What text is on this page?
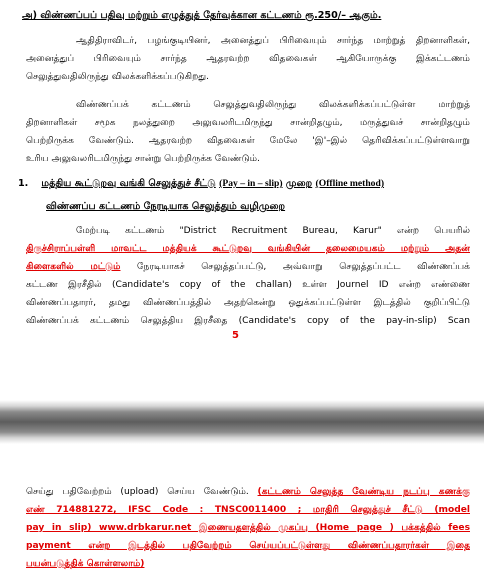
அ) விண்ணப்பப் பதிவு மற்றும் எழுத்துத் தேர்வுக்கான கட்டணம் ரூ.250/– ஆகும்.
ஆதிதிராவிடர், பழங்குடியினர், அனைத்துப் பிரிவையும் சார்ந்த மாற்றுத் திறனாளிகள்,
அனைத்துப் பிரிவையும் சார்ந்த ஆதரவற்ற விதவைகள் ஆகியோருக்கு இக்கட்டணம்
செலுத்துவதிலிருந்து விலக்களிக்கப்படுகிறது.
விண்ணப்பக் கட்டணம் செலுத்துவதிலிருந்து விலக்களிக்கப்பட்டுள்ள மாற்றுத்
திறனாளிகள் சமூக நலத்துறை அலுவலரிடமிருந்து சான்றிதழும், மருத்துவச் சான்றிதழும்
பெற்றிருக்க வேண்டும். ஆதரவற்ற விதவைகள் மேலே 'இ'–இல் தெரிவிக்கப்பட்டுள்ளவாறு
உரிய அலுவலரிடமிருந்து சான்று பெற்றிருக்க வேண்டும்.
1. மத்திய கூட்டுறவு வங்கி செலுத்துச் சீட்டு (Pay – in – slip) முறை (Offline method)
விண்ணப்ப கட்டணம் நேரடியாக செலுத்தும் வழிமுறை
மேற்படி கட்டணம் "District Recruitment Bureau, Karur" என்ற பெயரில்
திருச்சிராப்பள்ளி மாவட்ட மத்தியக் கூட்டுறவு வங்கியின் தலைமையகம் மற்றும் அதன்
கிளைகளில் மட்டும் நேரடியாகச் செலுத்தப்பட்டு, அவ்வாறு செலுத்தப்பட்ட விண்ணப்பக்
கட்டண இரசீதில் (Candidate's copy of the challan) உள்ள Journel ID என்ற எண்ணை
விண்ணப்பதாரர், தமது விண்ணப்பத்தில் அதற்கென்று ஒதுக்கப்பட்டுள்ள இடத்தில் குறிப்பிட்டு
விண்ணப்பக் கட்டணம் செலுத்திய இரசீதை (Candidate's copy of the pay-in-slip) Scan
5
செய்து பதிவேற்றம் (upload) செய்ய வேண்டும். (கட்டணம் செலுத்த வேண்டிய நடப்பு கணக்கு
எண் 714881272, IFSC Code : TNSC0011400 ; மாதிரி செலுத்துச் சீட்டு (model
pay in slip) www.drbkarur.net இணையதளத்தில் முகப்பு (Home page ) பக்கத்தில் fees
payment என்ற இடத்தில் பதிவேற்றம் செய்யப்பட்டுள்ளது விண்ணப்பதாரர்கள் இதை
பயன்படுத்திக் கொள்ளலாம்)
